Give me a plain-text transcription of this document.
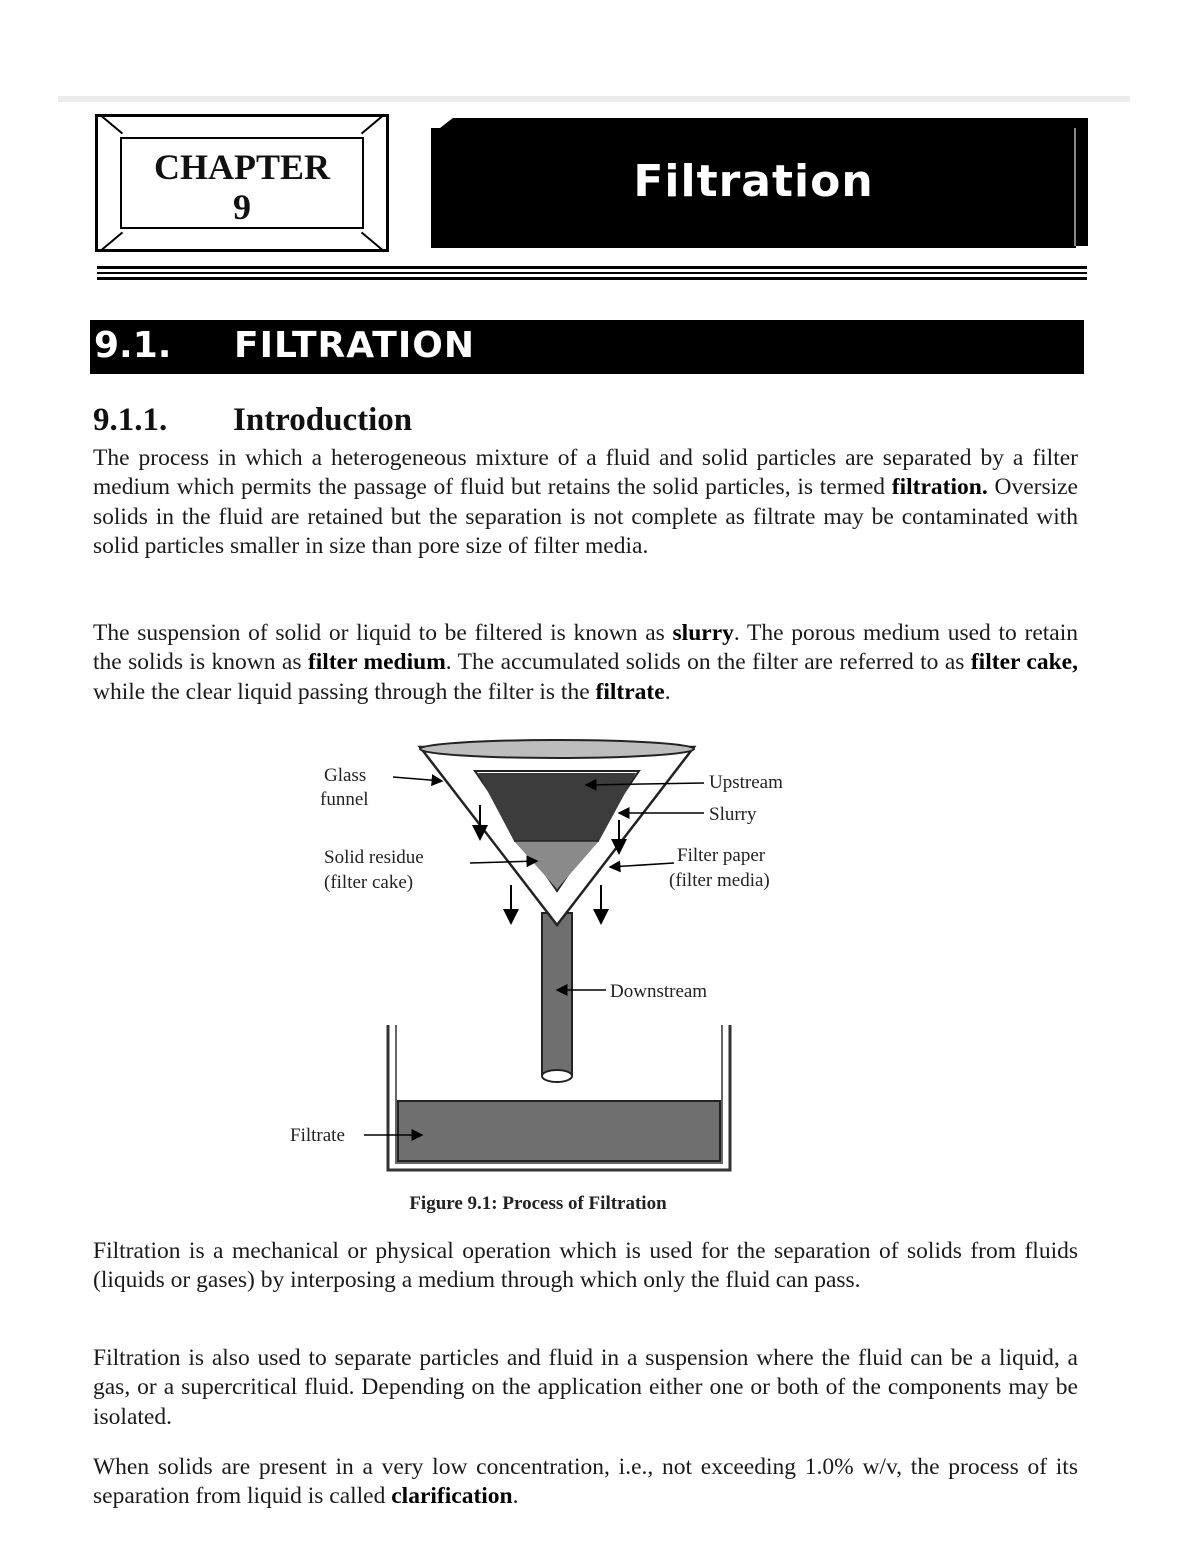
CHAPTER
9	Filtration
9.1. FILTRATION
9.1.1. Introduction
The process in which a heterogeneous mixture of a fluid and solid particles are separated by a filter medium which permits the passage of fluid but retains the solid particles, is termed filtration. Oversize solids in the fluid are retained but the separation is not complete as filtrate may be contaminated with solid particles smaller in size than pore size of filter media.
The suspension of solid or liquid to be filtered is known as slurry. The porous medium used to retain the solids is known as filter medium. The accumulated solids on the filter are referred to as filter cake, while the clear liquid passing through the filter is the filtrate.
Glass
funnel
Upstream
Slurry
Solid residue
(filter cake)
Filter paper
(filter media)
Downstream
Filtrate
Figure 9.1: Process of Filtration
Filtration is a mechanical or physical operation which is used for the separation of solids from fluids (liquids or gases) by interposing a medium through which only the fluid can pass.
Filtration is also used to separate particles and fluid in a suspension where the fluid can be a liquid, a gas, or a supercritical fluid. Depending on the application either one or both of the components may be isolated.
When solids are present in a very low concentration, i.e., not exceeding 1.0% w/v, the process of its separation from liquid is called clarification.
